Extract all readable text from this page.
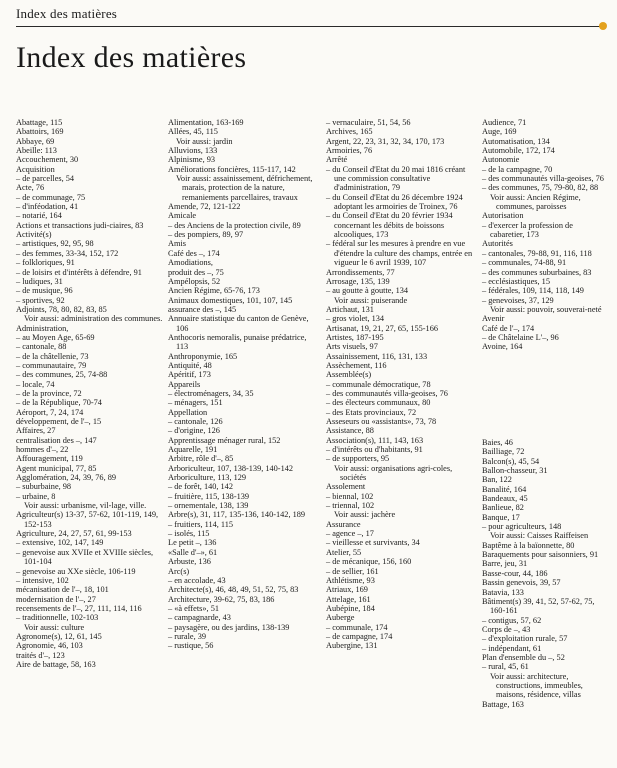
Index des matières
Index des matières
Abattage, 115
Abattoirs, 169
Abbaye, 69
Abeille: 113
Accouchement, 30
Acquisition
– de parcelles, 54
Acte, 76
– de communage, 75
– d'inféodation, 41
– notarié, 164
Actions et transactions judi-ciaires, 83
Activité(s)
– artistiques, 92, 95, 98
– des femmes, 33-34, 152, 172
– folkloriques, 91
– de loisirs et d'intérêts à défendre, 91
– ludiques, 31
– de musique, 96
– sportives, 92
Adjoints, 78, 80, 82, 83, 85
Voir aussi: administration des communes.
Administration,
– au Moyen Age, 65-69
– cantonale, 88
– de la châtellenie, 73
– communautaire, 79
– des communes, 25, 74-88
– locale, 74
– de la province, 72
– de la République, 70-74
Aéroport, 7, 24, 174
développement, de l'–, 15
Affaires, 27
centralisation des –, 147
hommes d'–, 22
Affouragement, 119
Agent municipal, 77, 85
Agglomération, 24, 39, 76, 89
– suburbaine, 98
– urbaine, 8
Voir aussi: urbanisme, vil-lage, ville.
Agriculteur(s) 13-37, 57-62, 101-119, 149, 152-153
Agriculture, 24, 27, 57, 61, 99-153
– extensive, 102, 147, 149
– genevoise aux XVIIe et XVIIIe siècles, 101-104
– genevoise au XXe siècle, 106-119
– intensive, 102
mécanisation de l'–, 18, 101
modernisation de l'–, 27
recensements de l'–, 27, 111, 114, 116
– traditionnelle, 102-103
Voir aussi: culture
Agronome(s), 12, 61, 145
Agronomie, 46, 103
traités d'–, 123
Aire de battage, 58, 163
Alimentation, 163-169
Allées, 45, 115
Voir aussi: jardin
Alluvions, 133
Alpinisme, 93
Améliorations foncières, 115-117, 142
Voir aussi: assainissement, défrichement, marais, protection de la nature, remaniements parcellaires, travaux
Amende, 72, 121-122
Amicale
– des Anciens de la protection civile, 89
– des pompiers, 89, 97
Amis
Café des –, 174
Amodiations,
produit des –, 75
Ampélopsis, 52
Ancien Régime, 65-76, 173
Animaux domestiques, 101, 107, 145
assurance des –, 145
Annuaire statistique du canton de Genève, 106
Anthocoris nemoralis, punaise prédatrice, 113
Anthroponymie, 165
Antiquité, 48
Apéritif, 173
Appareils
– électroménagers, 34, 35
– ménagers, 151
Appellation
– cantonale, 126
– d'origine, 126
Apprentissage ménager rural, 152
Aquarelle, 191
Arbitre, rôle d'–, 85
Arboriculteur, 107, 138-139, 140-142
Arboriculture, 113, 129
– de forêt, 140, 142
– fruitière, 115, 138-139
– ornementale, 138, 139
Arbre(s), 31, 117, 135-136, 140-142, 189
– fruitiers, 114, 115
– isolés, 115
Le petit –, 136
«Salle d'–», 61
Arbuste, 136
Arc(s)
– en accolade, 43
Architecte(s), 46, 48, 49, 51, 52, 75, 83
Architecture, 39-62, 75, 83, 186
– «à effets», 51
– campagnarde, 43
– paysagère, ou des jardins, 138-139
– rurale, 39
– rustique, 56
– vernaculaire, 51, 54, 56
Archives, 165
Argent, 22, 23, 31, 32, 34, 170, 173
Armoiries, 76
Arrêté
– du Conseil d'Etat du 20 mai 1816 créant une commission consultative d'administration, 79
– du Conseil d'Etat du 26 décembre 1924 adoptant les armoiries de Troinex, 76
– du Conseil d'Etat du 20 février 1934 concernant les débits de boissons alcooliques, 173
– fédéral sur les mesures à prendre en vue d'étendre la culture des champs, entrée en vigueur le 6 avril 1939, 107
Arrondissements, 77
Arrosage, 135, 139
– au goutte à goutte, 134
Voir aussi: puiserande
Artichaut, 131
– gros violet, 134
Artisanat, 19, 21, 27, 65, 155-166
Artistes, 187-195
Arts visuels, 97
Assainissement, 116, 131, 133
Assèchement, 116
Assemblée(s)
– communale démocratique, 78
– des communautés villa-geoises, 76
– des électeurs communaux, 80
– des Etats provinciaux, 72
Asseseurs ou «assistants», 73, 78
Assistance, 88
Association(s), 111, 143, 163
– d'intérêts ou d'habitants, 91
– de supporters, 95
Voir aussi: organisations agri-coles, sociétés
Assolement
– biennal, 102
– triennal, 102
Voir aussi: jachère
Assurance
– agence –, 17
– vieillesse et survivants, 34
Atelier, 55
– de mécanique, 156, 160
– de sellier, 161
Athlétisme, 93
Atriaux, 169
Attelage, 161
Aubépine, 184
Auberge
– communale, 174
– de campagne, 174
Aubergine, 131
Audience, 71
Auge, 169
Automatisation, 134
Automobile, 172, 174
Autonomie
– de la campagne, 70
– des communautés villa-geoises, 76
– des communes, 75, 79-80, 82, 88
Voir aussi: Ancien Régime, communes, paroisses
Autorisation
– d'exercer la profession de cabaretier, 173
Autorités
– cantonales, 79-88, 91, 116, 118
– communales, 74-88, 91
– des communes suburbaines, 83
– ecclésiastiques, 15
– fédérales, 109, 114, 118, 149
– genevoises, 37, 129
Voir aussi: pouvoir, souverai-neté
Avenir
Café de l'–, 174
– de Châtelaine L'–, 96
Avoine, 164
Baies, 46
Bailliage, 72
Balcon(s), 45, 54
Ballon-chasseur, 31
Ban, 122
Banalité, 164
Bandeaux, 45
Banlieue, 82
Banque, 17
– pour agriculteurs, 148
Voir aussi: Caisses Raiffeisen
Baptême à la baïonnette, 80
Baraquements pour saisonniers, 91
Barre, jeu, 31
Basse-cour, 44, 186
Bassin genevois, 39, 57
Batavia, 133
Bâtiment(s) 39, 41, 52, 57-62, 75, 160-161
– contigus, 57, 62
Corps de –, 43
– d'exploitation rurale, 57
– indépendant, 61
Plan d'ensemble du –, 52
– rural, 45, 61
Voir aussi: architecture, constructions, immeubles, maisons, résidence, villas
Battage, 163
